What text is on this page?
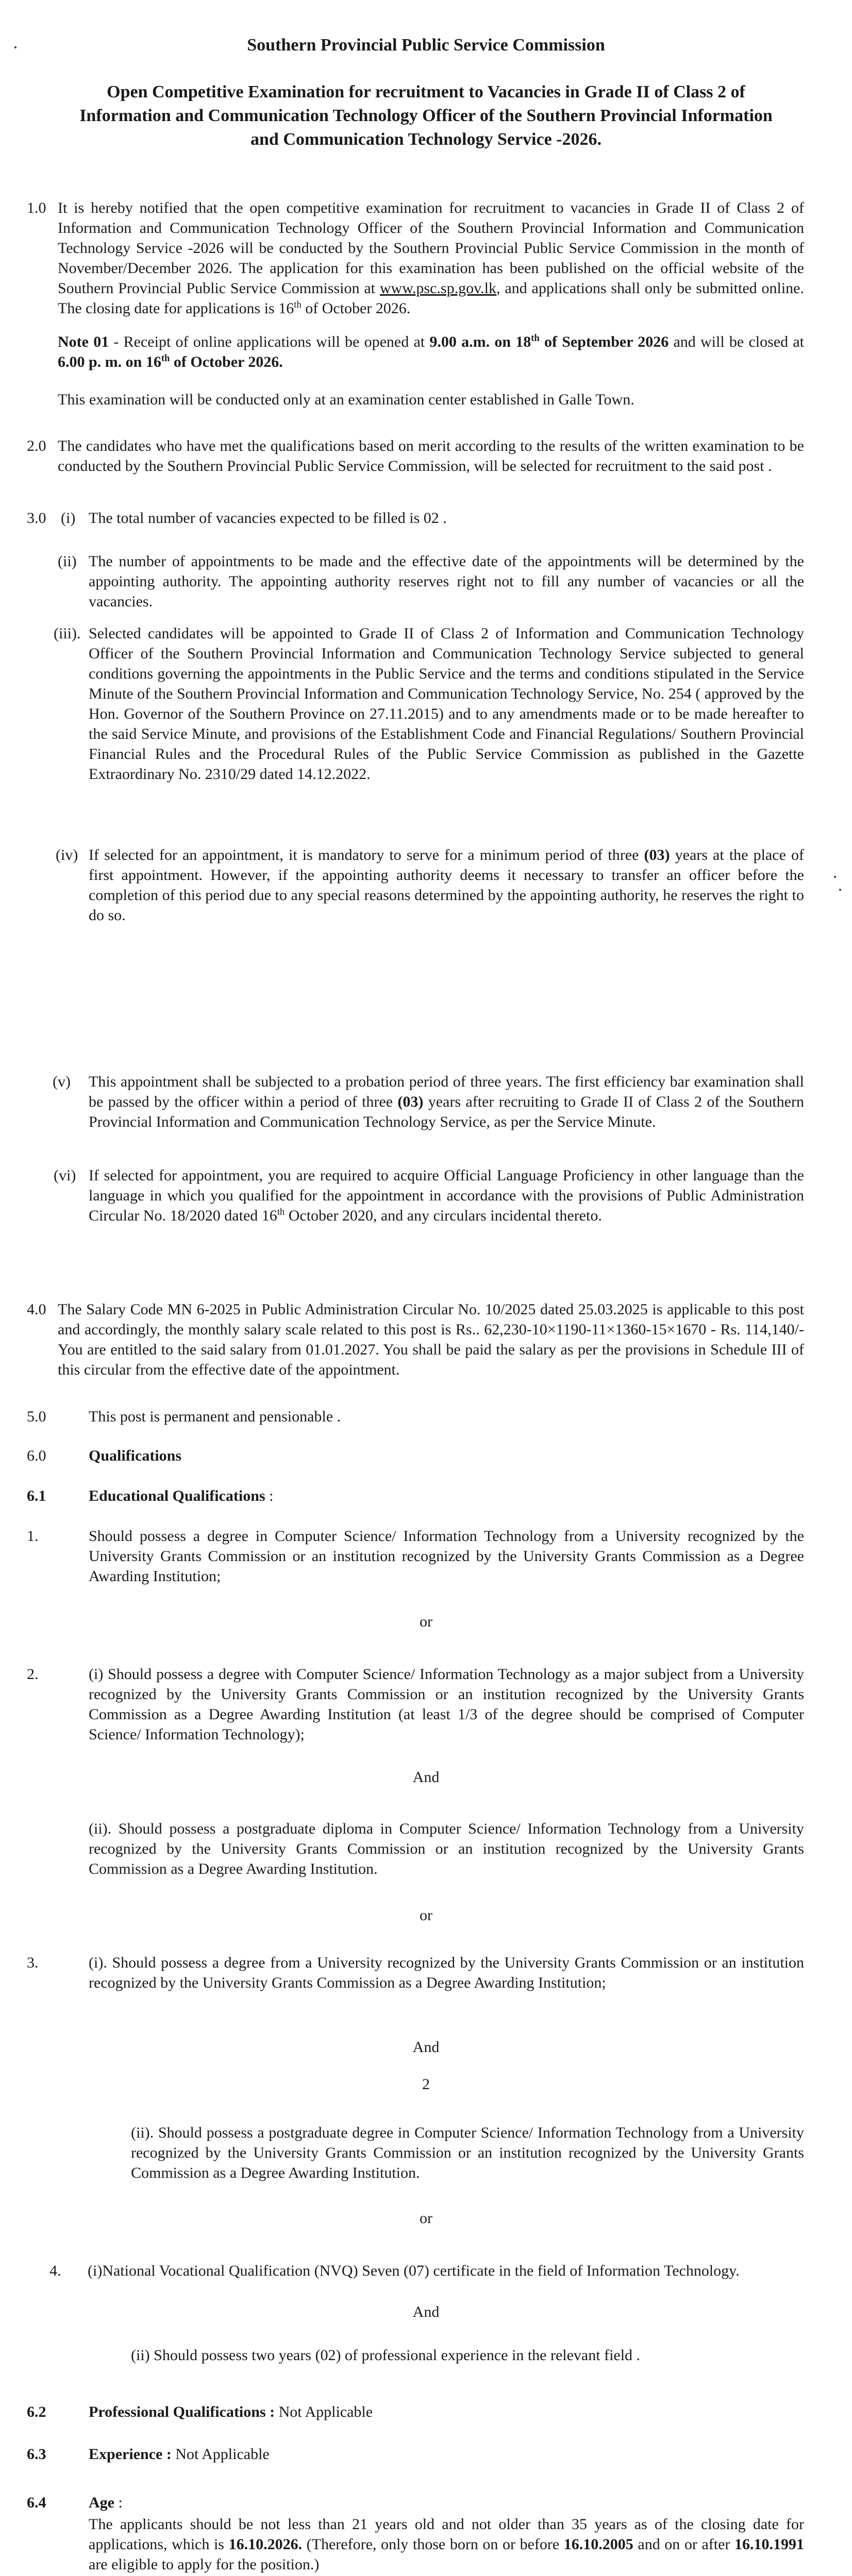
Southern Provincial Public Service Commission
Open Competitive Examination for recruitment to Vacancies in Grade II of Class 2 of Information and Communication Technology Officer of the Southern Provincial Information and Communication Technology Service -2026.
1.0 It is hereby notified that the open competitive examination for recruitment to vacancies in Grade II of Class 2 of Information and Communication Technology Officer of the Southern Provincial Information and Communication Technology Service -2026 will be conducted by the Southern Provincial Public Service Commission in the month of November/December 2026. The application for this examination has been published on the official website of the Southern Provincial Public Service Commission at www.psc.sp.gov.lk, and applications shall only be submitted online. The closing date for applications is 16th of October 2026.
Note 01 - Receipt of online applications will be opened at 9.00 a.m. on 18th of September 2026 and will be closed at 6.00 p. m. on 16th of October 2026.
This examination will be conducted only at an examination center established in Galle Town.
2.0 The candidates who have met the qualifications based on merit according to the results of the written examination to be conducted by the Southern Provincial Public Service Commission, will be selected for recruitment to the said post .
3.0 (i) The total number of vacancies expected to be filled is 02 .
(ii) The number of appointments to be made and the effective date of the appointments will be determined by the appointing authority. The appointing authority reserves right not to fill any number of vacancies or all the vacancies.
(iii). Selected candidates will be appointed to Grade II of Class 2 of Information and Communication Technology Officer of the Southern Provincial Information and Communication Technology Service subjected to general conditions governing the appointments in the Public Service and the terms and conditions stipulated in the Service Minute of the Southern Provincial Information and Communication Technology Service, No. 254 ( approved by the Hon. Governor of the Southern Province on 27.11.2015) and to any amendments made or to be made hereafter to the said Service Minute, and provisions of the Establishment Code and Financial Regulations/ Southern Provincial Financial Rules and the Procedural Rules of the Public Service Commission as published in the Gazette Extraordinary No. 2310/29 dated 14.12.2022.
(iv) If selected for an appointment, it is mandatory to serve for a minimum period of three (03) years at the place of first appointment. However, if the appointing authority deems it necessary to transfer an officer before the completion of this period due to any special reasons determined by the appointing authority, he reserves the right to do so.
(v) This appointment shall be subjected to a probation period of three years. The first efficiency bar examination shall be passed by the officer within a period of three (03) years after recruiting to Grade II of Class 2 of the Southern Provincial Information and Communication Technology Service, as per the Service Minute.
(vi) If selected for appointment, you are required to acquire Official Language Proficiency in other language than the language in which you qualified for the appointment in accordance with the provisions of Public Administration Circular No. 18/2020 dated 16th October 2020, and any circulars incidental thereto.
4.0 The Salary Code MN 6-2025 in Public Administration Circular No. 10/2025 dated 25.03.2025 is applicable to this post and accordingly, the monthly salary scale related to this post is Rs.. 62,230-10×1190-11×1360-15×1670 - Rs. 114,140/-You are entitled to the said salary from 01.01.2027. You shall be paid the salary as per the provisions in Schedule III of this circular from the effective date of the appointment.
5.0	This post is permanent and pensionable .
6.0	Qualifications
6.1	Educational Qualifications :
1.	Should possess a degree in Computer Science/ Information Technology from a University recognized by the University Grants Commission or an institution recognized by the University Grants Commission as a Degree Awarding Institution;
or
2.	(i) Should possess a degree with Computer Science/ Information Technology as a major subject from a University recognized by the University Grants Commission or an institution recognized by the University Grants Commission as a Degree Awarding Institution (at least 1/3 of the degree should be comprised of Computer Science/ Information Technology);
And
(ii). Should possess a postgraduate diploma in Computer Science/ Information Technology from a University recognized by the University Grants Commission or an institution recognized by the University Grants Commission as a Degree Awarding Institution.
or
3.	(i). Should possess a degree from a University recognized by the University Grants Commission or an institution recognized by the University Grants Commission as a Degree Awarding Institution;
And
2
(ii). Should possess a postgraduate degree in Computer Science/ Information Technology from a University recognized by the University Grants Commission or an institution recognized by the University Grants Commission as a Degree Awarding Institution.
or
4. (i)National Vocational Qualification (NVQ) Seven (07) certificate in the field of Information Technology.
And
(ii) Should possess two years (02) of professional experience in the relevant field .
6.2	Professional Qualifications : Not Applicable
6.3	Experience : Not Applicable
6.4	Age :
The applicants should be not less than 21 years old and not older than 35 years as of the closing date for applications, which is 16.10.2026. (Therefore, only those born on or before 16.10.2005 and on or after 16.10.1991 are eligible to apply for the position.)
